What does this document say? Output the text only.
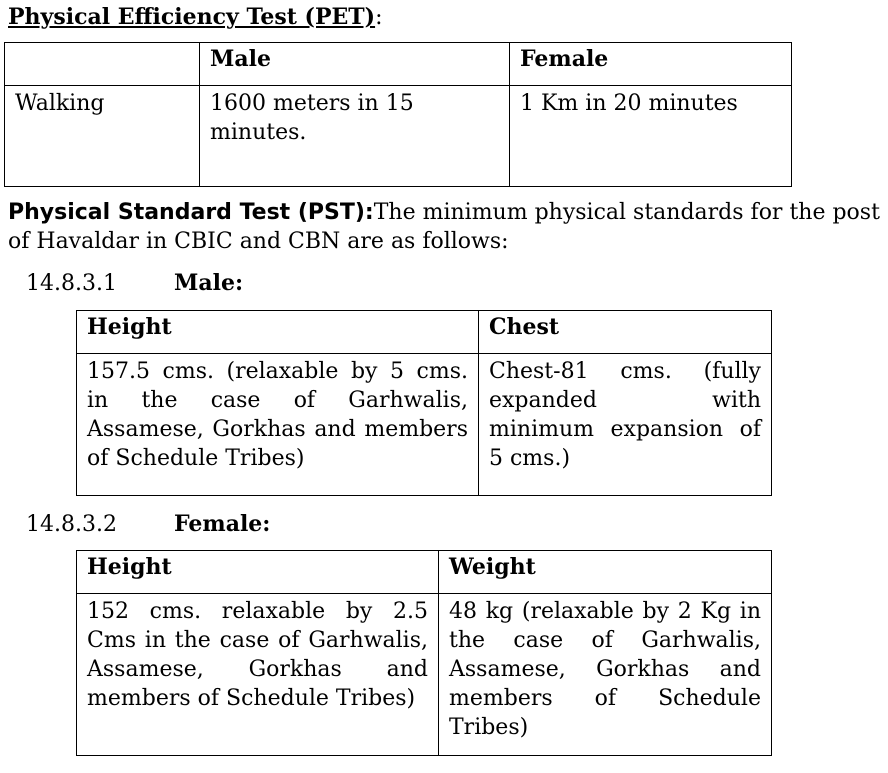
Physical Efficiency Test (PET):
	Male	Female
Walking	1600 meters in 15 minutes.	1 Km in 20 minutes
Physical Standard Test (PST):The minimum physical standards for the post of Havaldar in CBIC and CBN are as follows:
14.8.3.1	Male:
Height	Chest
157.5 cms. (relaxable by 5 cms. in the case of Garhwalis, Assamese, Gorkhas and members of Schedule Tribes)	Chest-81 cms. (fully expanded with minimum expansion of 5 cms.)
14.8.3.2	Female:
Height	Weight
152 cms. relaxable by 2.5 Cms in the case of Garhwalis, Assamese, Gorkhas and members of Schedule Tribes)	48 kg (relaxable by 2 Kg in the case of Garhwalis, Assamese, Gorkhas and members of Schedule Tribes)
